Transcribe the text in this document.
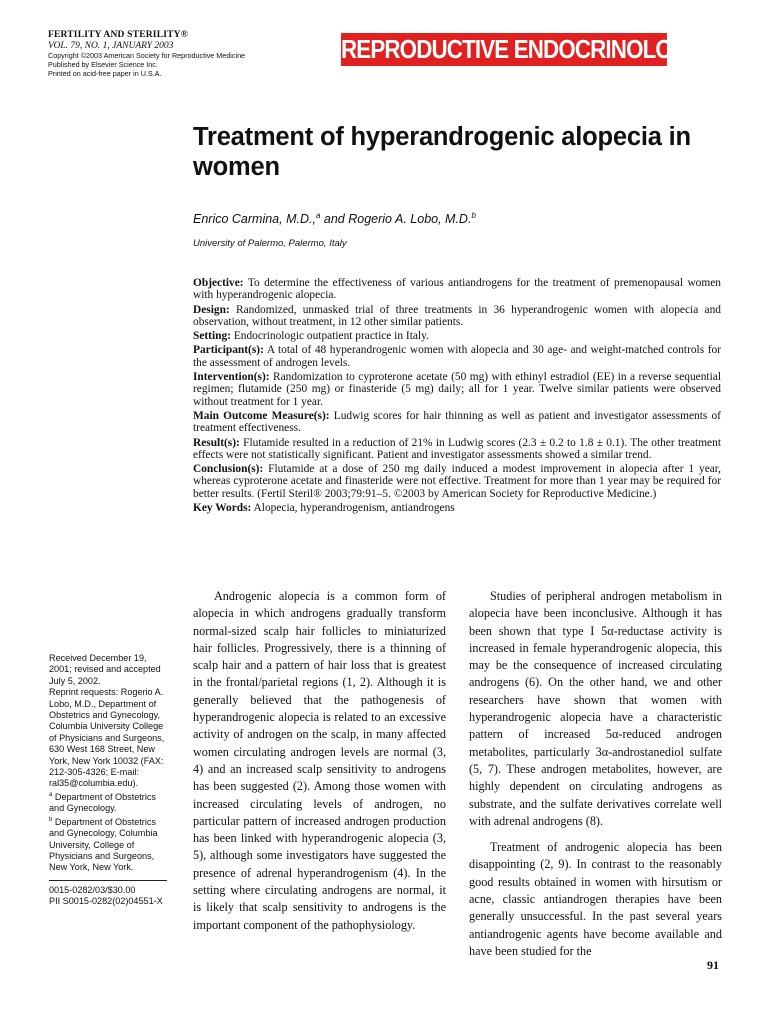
FERTILITY AND STERILITY®
VOL. 79, NO. 1, JANUARY 2003
Copyright ©2003 American Society for Reproductive Medicine
Published by Elsevier Science Inc.
Printed on acid-free paper in U.S.A.
REPRODUCTIVE ENDOCRINOLOGY
Treatment of hyperandrogenic alopecia in women
Enrico Carmina, M.D.,$^a$ and Rogerio A. Lobo, M.D.$^b$
University of Palermo, Palermo, Italy

Objective: To determine the effectiveness of various antiandrogens for the treatment of premenopausal women with hyperandrogenic alopecia.

Design: Randomized, unmasked trial of three treatments in 36 hyperandrogenic women with alopecia and observation, without treatment, in 12 other similar patients.

Setting: Endocrinologic outpatient practice in Italy.

Participant(s): A total of 48 hyperandrogenic women with alopecia and 30 age- and weight-matched controls for the assessment of androgen levels.

Intervention(s): Randomization to cyproterone acetate (50 mg) with ethinyl estradiol (EE) in a reverse sequential regimen; flutamide (250 mg) or finasteride (5 mg) daily; all for 1 year. Twelve similar patients were observed without treatment for 1 year.

Main Outcome Measure(s): Ludwig scores for hair thinning as well as patient and investigator assessments of treatment effectiveness.

Result(s): Flutamide resulted in a reduction of 21% in Ludwig scores (2.3 ± 0.2 to 1.8 ± 0.1). The other treatment effects were not statistically significant. Patient and investigator assessments showed a similar trend.

Conclusion(s): Flutamide at a dose of 250 mg daily induced a modest improvement in alopecia after 1 year, whereas cyproterone acetate and finasteride were not effective. Treatment for more than 1 year may be required for better results. (Fertil Steril® 2003;79:91–5. ©2003 by American Society for Reproductive Medicine.)

Key Words: Alopecia, hyperandrogenism, antiandrogens

Received December 19, 2001; revised and accepted July 5, 2002.

Reprint requests: Rogerio A. Lobo, M.D., Department of Obstetrics and Gynecology, Columbia University College of Physicians and Surgeons, 630 West 168 Street, New York, New York 10032 (FAX: 212-305-4326; E-mail: ral35@columbia.edu).

$^a$ Department of Obstetrics and Gynecology.

$^b$ Department of Obstetrics and Gynecology, Columbia University, College of Physicians and Surgeons, New York, New York.

0015-0282/03/$30.00

PII S0015-0282(02)04551-X

Androgenic alopecia is a common form of alopecia in which androgens gradually transform normal-sized scalp hair follicles to miniaturized hair follicles. Progressively, there is a thinning of scalp hair and a pattern of hair loss that is greatest in the frontal/parietal regions (1, 2). Although it is generally believed that the pathogenesis of hyperandrogenic alopecia is related to an excessive activity of androgen on the scalp, in many affected women circulating androgen levels are normal (3, 4) and an increased scalp sensitivity to androgens has been suggested (2). Among those women with increased circulating levels of androgen, no particular pattern of increased androgen production has been linked with hyperandrogenic alopecia (3, 5), although some investigators have suggested the presence of adrenal hyperandrogenism (4). In the setting where circulating androgens are normal, it is likely that scalp sensitivity to androgens is the important component of the pathophysiology.

Studies of peripheral androgen metabolism in alopecia have been inconclusive. Although it has been shown that type I 5α-reductase activity is increased in female hyperandrogenic alopecia, this may be the consequence of increased circulating androgens (6). On the other hand, we and other researchers have shown that women with hyperandrogenic alopecia have a characteristic pattern of increased 5α-reduced androgen metabolites, particularly 3α-androstanediol sulfate (5, 7). These androgen metabolites, however, are highly dependent on circulating androgens as substrate, and the sulfate derivatives correlate well with adrenal androgens (8).

Treatment of androgenic alopecia has been disappointing (2, 9). In contrast to the reasonably good results obtained in women with hirsutism or acne, classic antiandrogen therapies have been generally unsuccessful. In the past several years antiandrogenic agents have become available and have been studied for the

91
